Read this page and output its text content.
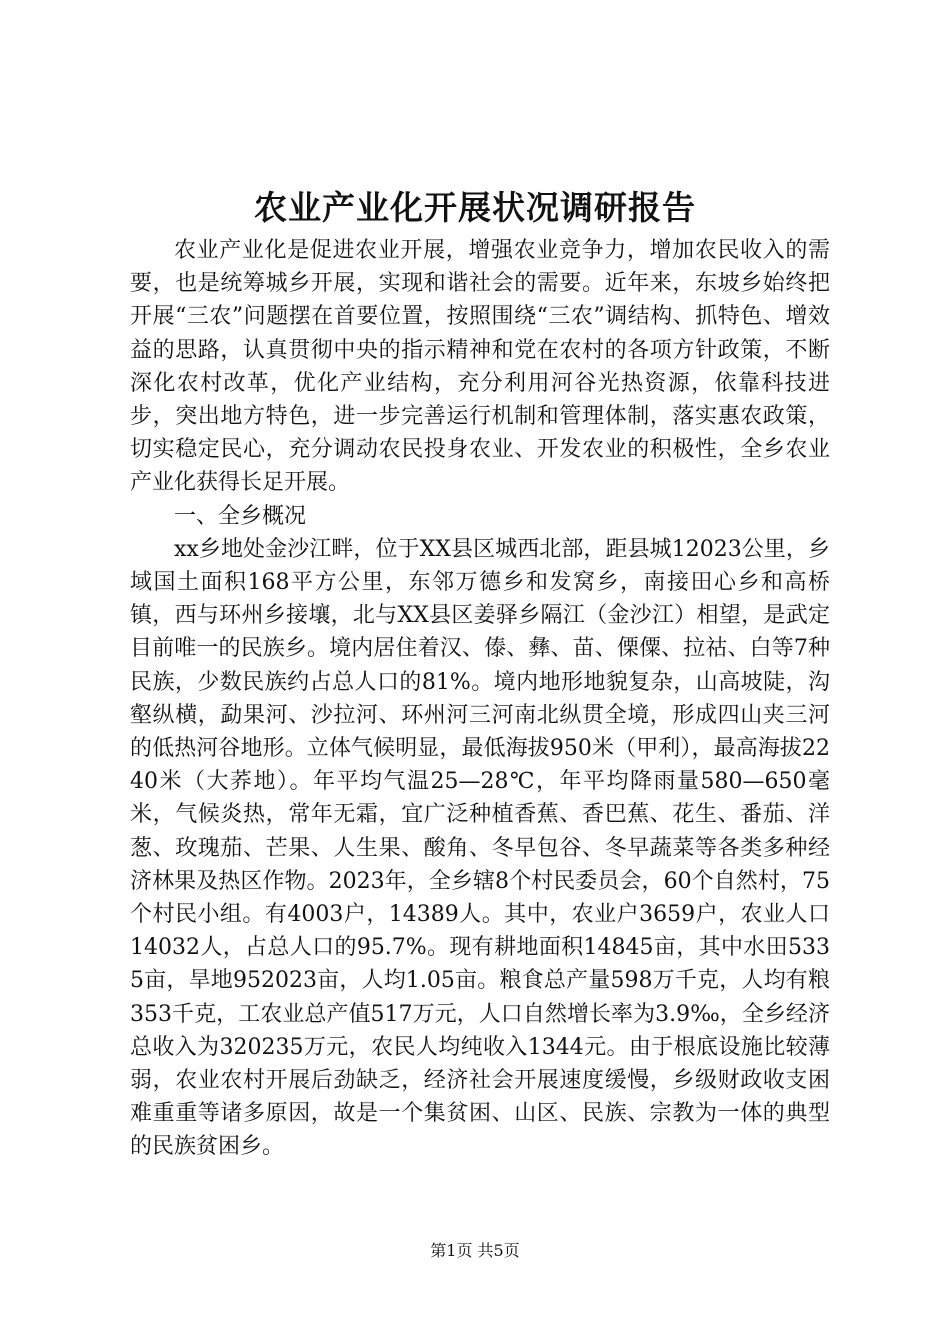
农业产业化开展状况调研报告

农业产业化是促进农业开展，增强农业竞争力，增加农民收入的需要，也是统筹城乡开展，实现和谐社会的需要。近年来，东坡乡始终把开展“三农”问题摆在首要位置，按照围绕“三农”调结构、抓特色、增效益的思路，认真贯彻中央的指示精神和党在农村的各项方针政策，不断深化农村改革，优化产业结构，充分利用河谷光热资源，依靠科技进步，突出地方特色，进一步完善运行机制和管理体制，落实惠农政策，切实稳定民心，充分调动农民投身农业、开发农业的积极性，全乡农业产业化获得长足开展。

一、全乡概况

xx乡地处金沙江畔，位于XX县区城西北部，距县城12023公里，乡域国土面积168平方公里，东邻万德乡和发窝乡，南接田心乡和高桥镇，西与环州乡接壤，北与XX县区姜驿乡隔江（金沙江）相望，是武定目前唯一的民族乡。境内居住着汉、傣、彝、苗、傈僳、拉祜、白等7种民族，少数民族约占总人口的81%。境内地形地貌复杂，山高坡陡，沟壑纵横，勐果河、沙拉河、环州河三河南北纵贯全境，形成四山夹三河的低热河谷地形。立体气候明显，最低海拔950米（甲利），最高海拔2240米（大荞地）。年平均气温25—28℃，年平均降雨量580—650毫米，气候炎热，常年无霜，宜广泛种植香蕉、香巴蕉、花生、番茄、洋葱、玫瑰茄、芒果、人生果、酸角、冬早包谷、冬早蔬菜等各类多种经济林果及热区作物。2023年，全乡辖8个村民委员会，60个自然村，75个村民小组。有4003户，14389人。其中，农业户3659户，农业人口14032人，占总人口的95.7%。现有耕地面积14845亩，其中水田5335亩，旱地952023亩，人均1.05亩。粮食总产量598万千克，人均有粮353千克，工农业总产值517万元，人口自然增长率为3.9‰，全乡经济总收入为320235万元，农民人均纯收入1344元。由于根底设施比较薄弱，农业农村开展后劲缺乏，经济社会开展速度缓慢，乡级财政收支困难重重等诸多原因，故是一个集贫困、山区、民族、宗教为一体的典型的民族贫困乡。

第1页 共5页
